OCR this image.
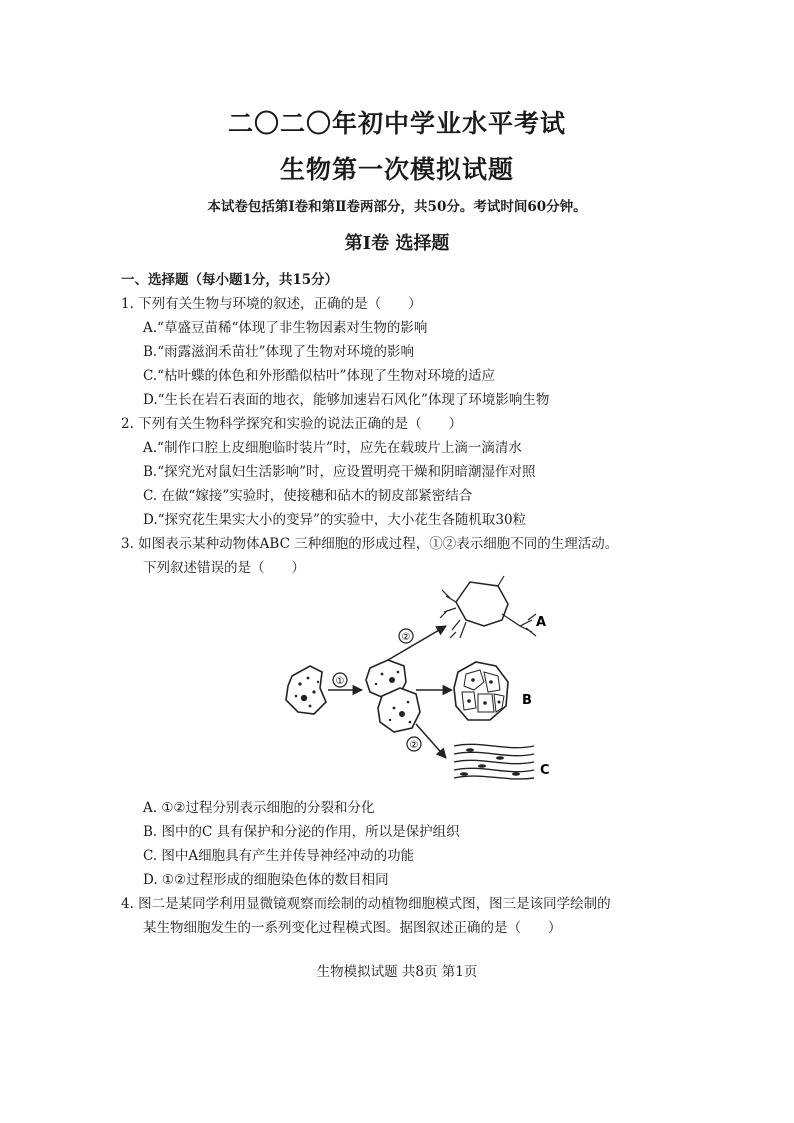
二〇二〇年初中学业水平考试
生物第一次模拟试题
本试卷包括第Ⅰ卷和第Ⅱ卷两部分，共50分。考试时间60分钟。
第Ⅰ卷 选择题
一、选择题（每小题1分，共15分）
1. 下列有关生物与环境的叙述，正确的是（　　）
A.“草盛豆苗稀“体现了非生物因素对生物的影响
B.“雨露滋润禾苗壮”体现了生物对环境的影响
C.“枯叶蝶的体色和外形酷似枯叶”体现了生物对环境的适应
D.“生长在岩石表面的地衣，能够加速岩石风化”体现了环境影响生物
2. 下列有关生物科学探究和实验的说法正确的是（　　）
A.“制作口腔上皮细胞临时装片”时，应先在载玻片上滴一滴清水
B.“探究光对鼠妇生活影响”时，应设置明亮干燥和阴暗潮湿作对照
C. 在做“嫁接”实验时，使接穗和砧木的韧皮部紧密结合
D.“探究花生果实大小的变异”的实验中，大小花生各随机取30粒
3. 如图表示某种动物体ABC 三种细胞的形成过程，①②表示细胞不同的生理活动。
下列叙述错误的是（　　）
①
②
②
A
B
C
A. ①②过程分别表示细胞的分裂和分化
B. 图中的C 具有保护和分泌的作用，所以是保护组织
C. 图中A细胞具有产生并传导神经冲动的功能
D. ①②过程形成的细胞染色体的数目相同
4. 图二是某同学利用显微镜观察而绘制的动植物细胞模式图，图三是该同学绘制的
某生物细胞发生的一系列变化过程模式图。据图叙述正确的是（　　）
生物模拟试题 共8页 第1页
